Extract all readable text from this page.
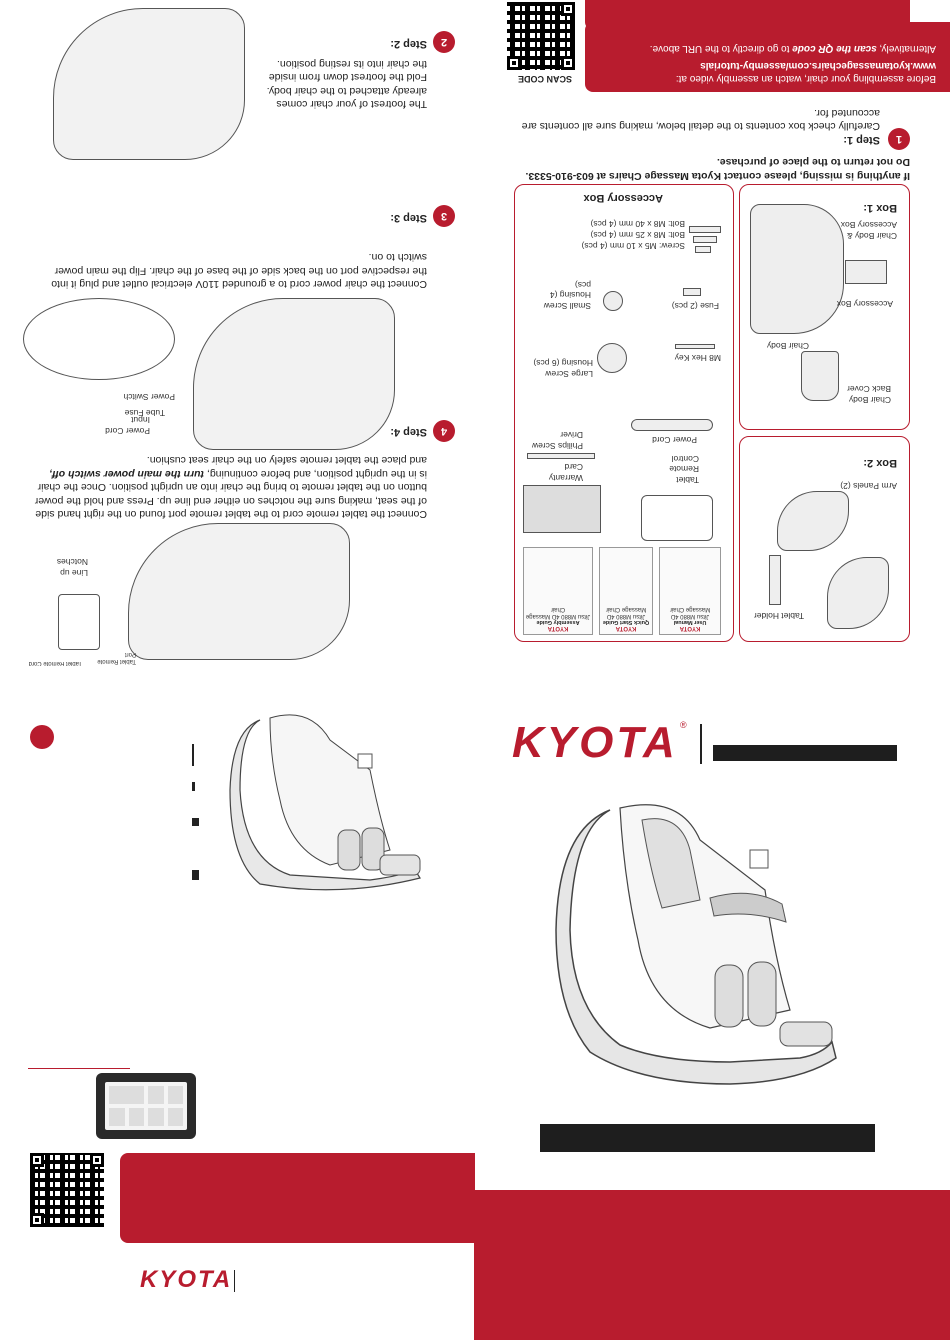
Box 2:
Arm Panels (2)
Tablet Holder
Box 1:
Chair Body & Accessory Box
Accessory Box
Chair Body
Chair Body Back Cover
Accessory Box
Bolt: M8 x 40 mm (4 pcs)
Bolt: M8 x 25 mm (4 pcs)
Screw: M5 x 10 mm (4 pcs)
Small Screw Housing (4 pcs)
Fuse (2 pcs)
Large Screw Housing (6 pcs)
M8 Hex Key
Philips Screw Driver	Power Cord
Warranty Card
Tablet Remote Control
KYOTA
User Manual
Jitsu M880 4D Massage Chair
KYOTA
Quick Start Guide
Jitsu M880 4D Massage Chair
KYOTA
Assembly Guide
Jitsu M880 4D Massage Chair
1
Step 1:
Carefully check box contents to the detail below, making sure all contents are accounted for.
If anything is missing, please contact Kyota Massage Chairs at 603-910-5333. Do not return to the place of purchase.
Before assembling your chair, watch an assembly video at:
www.kyotamassagechairs.com/assemby-tutorials
Alternatively, scan the QR code to go directly to the URL above.
SCAN CODE
2
Step 2:
The footrest of your chair comes already attached to the chair body. Fold the footrest down from inside the chair into its resting position.
3
Step 3:
Connect the chair power cord to a grounded 110V electrical outlet and plug it into the respective port on the back side of the base of the chair. Flip the main power switch to on.
Power Switch
Tube Fuse
Power Cord Input
4
Step 4:
Connect the tablet remote cord to the tablet remote port found on the right hand side of the seat, making sure the notches on either end line up. Press and hold the power button on the tablet remote to bring the chair into an upright position. Once the chair is in the upright position, and before continuing, turn the main power switch off, and place the tablet remote safely on the chair seat cushion.
Line up Notches
Tablet Remote Cord	Tablet Remote Port
KYOTA
KYOTA ®
